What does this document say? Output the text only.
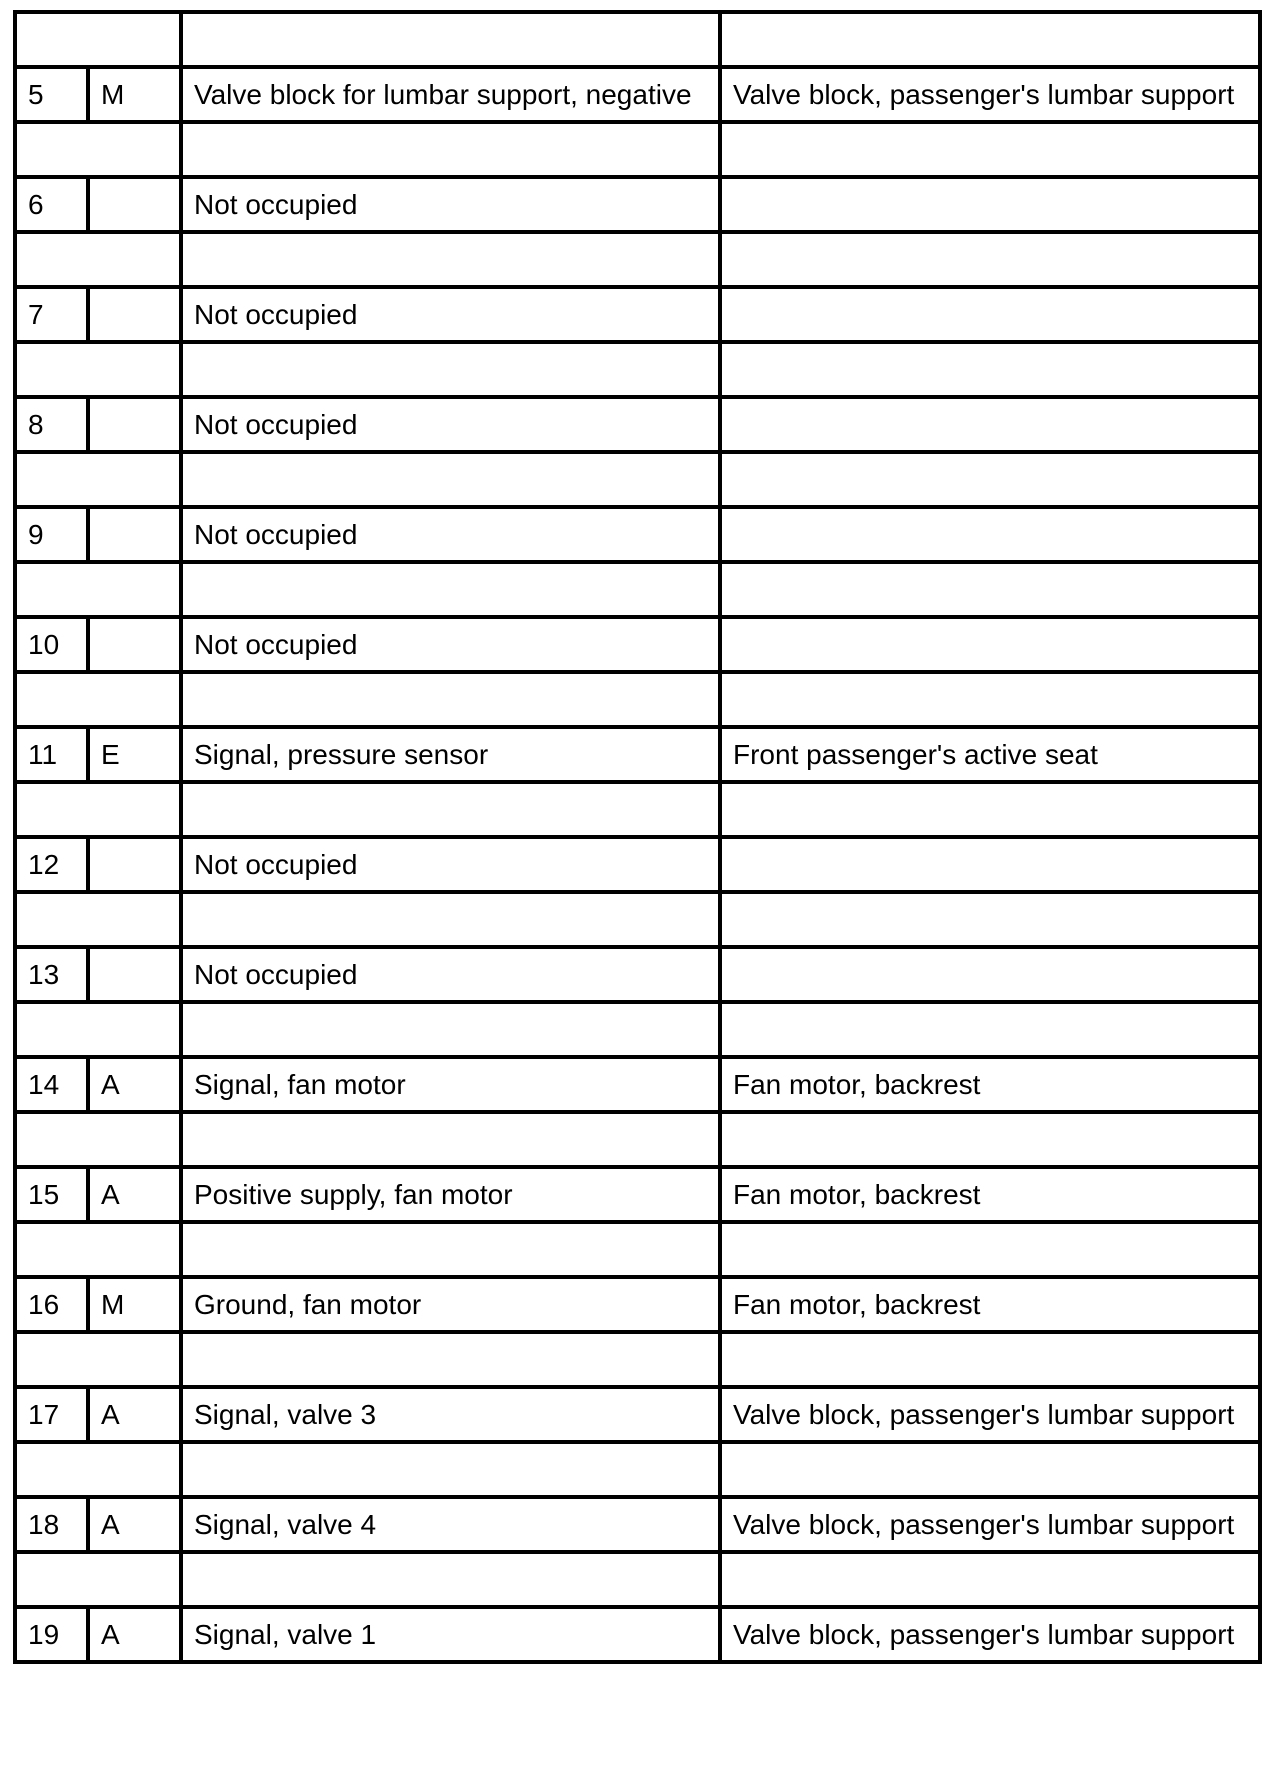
5	M	Valve block for lumbar support, negative	Valve block, passenger's lumbar support

6		Not occupied	

7		Not occupied	

8		Not occupied	

9		Not occupied	

10		Not occupied	

11	E	Signal, pressure sensor	Front passenger's active seat

12		Not occupied	

13		Not occupied	

14	A	Signal, fan motor	Fan motor, backrest

15	A	Positive supply, fan motor	Fan motor, backrest

16	M	Ground, fan motor	Fan motor, backrest

17	A	Signal, valve 3	Valve block, passenger's lumbar support

18	A	Signal, valve 4	Valve block, passenger's lumbar support

19	A	Signal, valve 1	Valve block, passenger's lumbar support
